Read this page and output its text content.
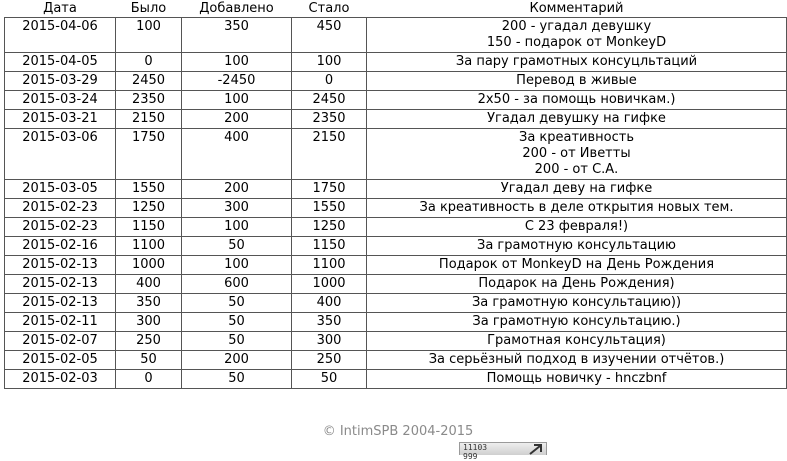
Дата	Было	Добавлено	Стало	Комментарий
2015-04-06	100	350	450	200 - угадал девушку
150 - подарок от MonkeyD
2015-04-05	0	100	100	За пару грамотных консуцльтаций
2015-03-29	2450	-2450	0	Перевод в живые
2015-03-24	2350	100	2450	2x50 - за помощь новичкам.)
2015-03-21	2150	200	2350	Угадал девушку на гифке
2015-03-06	1750	400	2150	За креативность
200 - от Иветты
200 - от С.А.
2015-03-05	1550	200	1750	Угадал деву на гифке
2015-02-23	1250	300	1550	За креативность в деле открытия новых тем.
2015-02-23	1150	100	1250	С 23 февраля!)
2015-02-16	1100	50	1150	За грамотную консультацию
2015-02-13	1000	100	1100	Подарок от MonkeyD на День Рождения
2015-02-13	400	600	1000	Подарок на День Рождения)
2015-02-13	350	50	400	За грамотную консультацию))
2015-02-11	300	50	350	За грамотную консультацию.)
2015-02-07	250	50	300	Грамотная консультация)
2015-02-05	50	200	250	За серьёзный подход в изучении отчётов.)
2015-02-03	0	50	50	Помощь новичку - hnczbnf
© IntimSPB 2004-2015
11103
999
